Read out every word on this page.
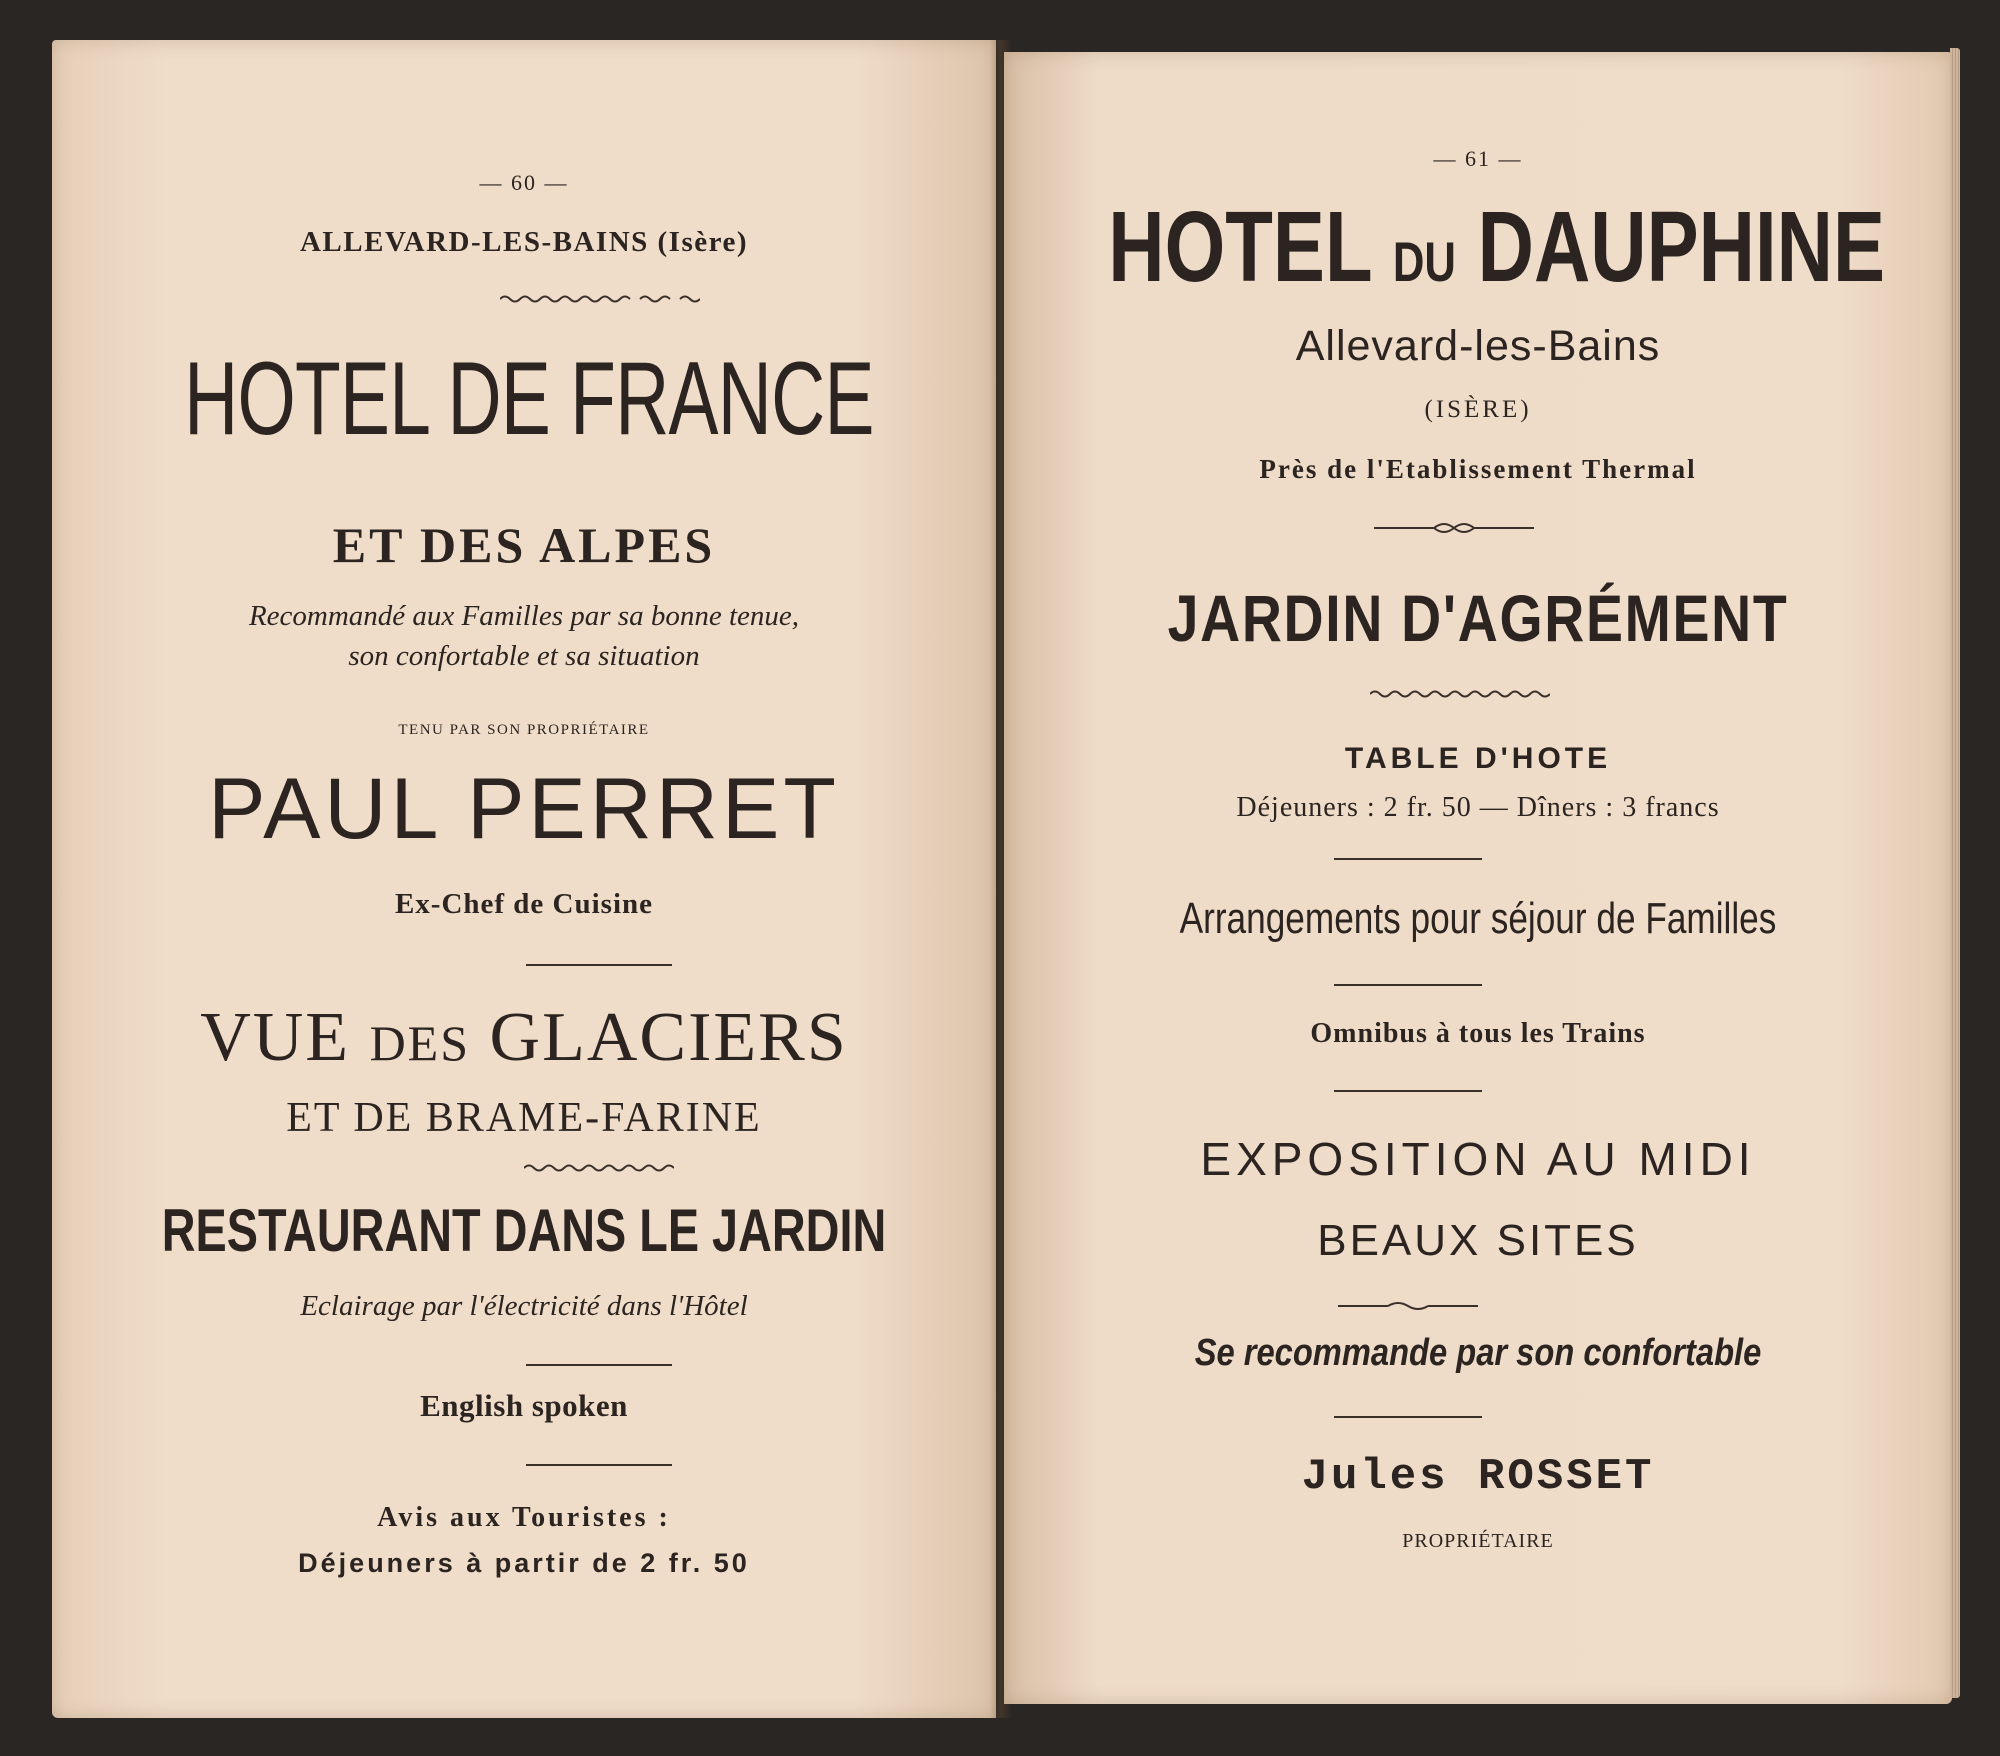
— 60 —
ALLEVARD-LES-BAINS (Isère)
HOTEL DE FRANCE
ET DES ALPES
Recommandé aux Familles par sa bonne tenue,
son confortable et sa situation
TENU PAR SON PROPRIÉTAIRE
PAUL PERRET
Ex-Chef de Cuisine
VUE DES GLACIERS
ET DE BRAME-FARINE
RESTAURANT DANS LE JARDIN
Eclairage par l'électricité dans l'Hôtel
English spoken
Avis aux Touristes :
Déjeuners à partir de 2 fr. 50
— 61 —
HOTEL DU DAUPHINE
Allevard-les-Bains
(ISÈRE)
Près de l'Etablissement Thermal
JARDIN D'AGRÉMENT
TABLE D'HOTE
Déjeuners : 2 fr. 50 — Dîners : 3 francs
Arrangements pour séjour de Familles
Omnibus à tous les Trains
EXPOSITION AU MIDI
BEAUX SITES
Se recommande par son confortable
Jules ROSSET
PROPRIÉTAIRE
